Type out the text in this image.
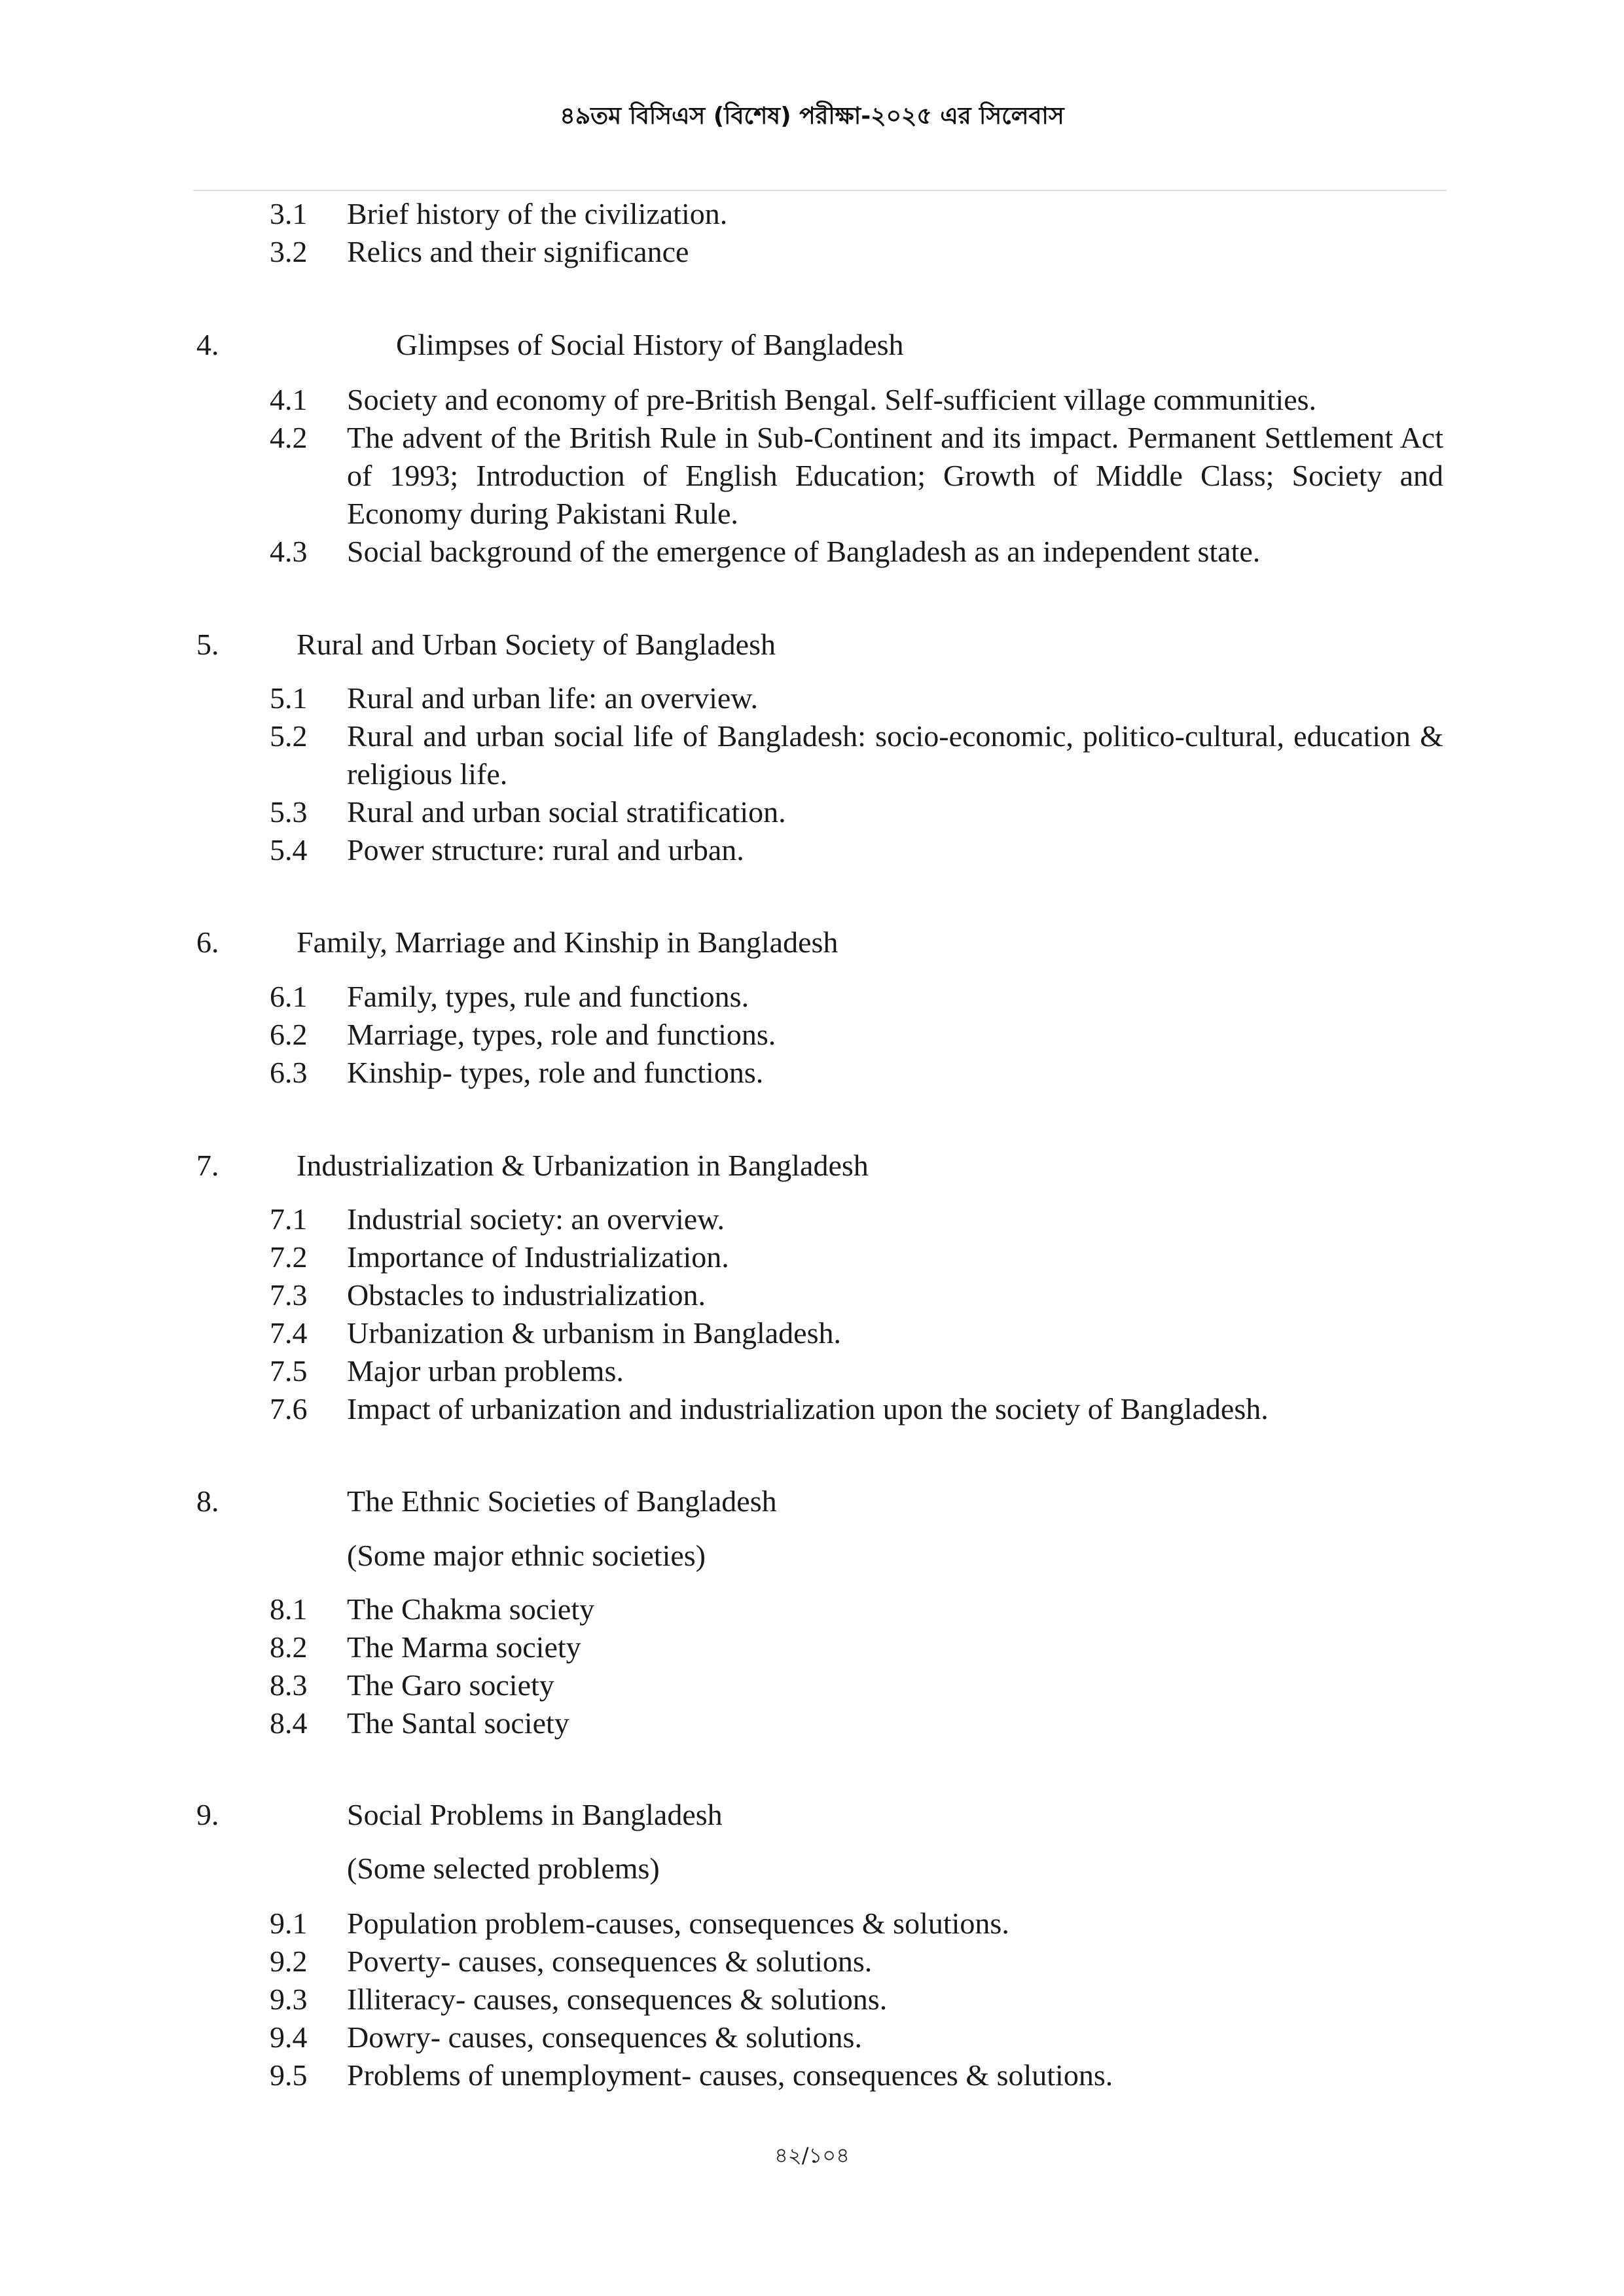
৪৯তম বিসিএস (বিশেষ) পরীক্ষা-২০২৫ এর সিলেবাস
3.1 Brief history of the civilization.
3.2 Relics and their significance
4.	Glimpses of Social History of Bangladesh
4.1 Society and economy of pre-British Bengal. Self-sufficient village communities.
4.2 The advent of the British Rule in Sub-Continent and its impact. Permanent Settlement Act of 1993; Introduction of English Education; Growth of Middle Class; Society and Economy during Pakistani Rule.
4.3 Social background of the emergence of Bangladesh as an independent state.
5.	Rural and Urban Society of Bangladesh
5.1 Rural and urban life: an overview.
5.2 Rural and urban social life of Bangladesh: socio-economic, politico-cultural, education & religious life.
5.3 Rural and urban social stratification.
5.4 Power structure: rural and urban.
6.	Family, Marriage and Kinship in Bangladesh
6.1 Family, types, rule and functions.
6.2 Marriage, types, role and functions.
6.3 Kinship- types, role and functions.
7.	Industrialization & Urbanization in Bangladesh
7.1 Industrial society: an overview.
7.2 Importance of Industrialization.
7.3 Obstacles to industrialization.
7.4 Urbanization & urbanism in Bangladesh.
7.5 Major urban problems.
7.6 Impact of urbanization and industrialization upon the society of Bangladesh.
8.	The Ethnic Societies of Bangladesh
(Some major ethnic societies)
8.1 The Chakma society
8.2 The Marma society
8.3 The Garo society
8.4 The Santal society
9.	Social Problems in Bangladesh
(Some selected problems)
9.1 Population problem-causes, consequences & solutions.
9.2 Poverty- causes, consequences & solutions.
9.3 Illiteracy- causes, consequences & solutions.
9.4 Dowry- causes, consequences & solutions.
9.5 Problems of unemployment- causes, consequences & solutions.
৪২/১০৪
